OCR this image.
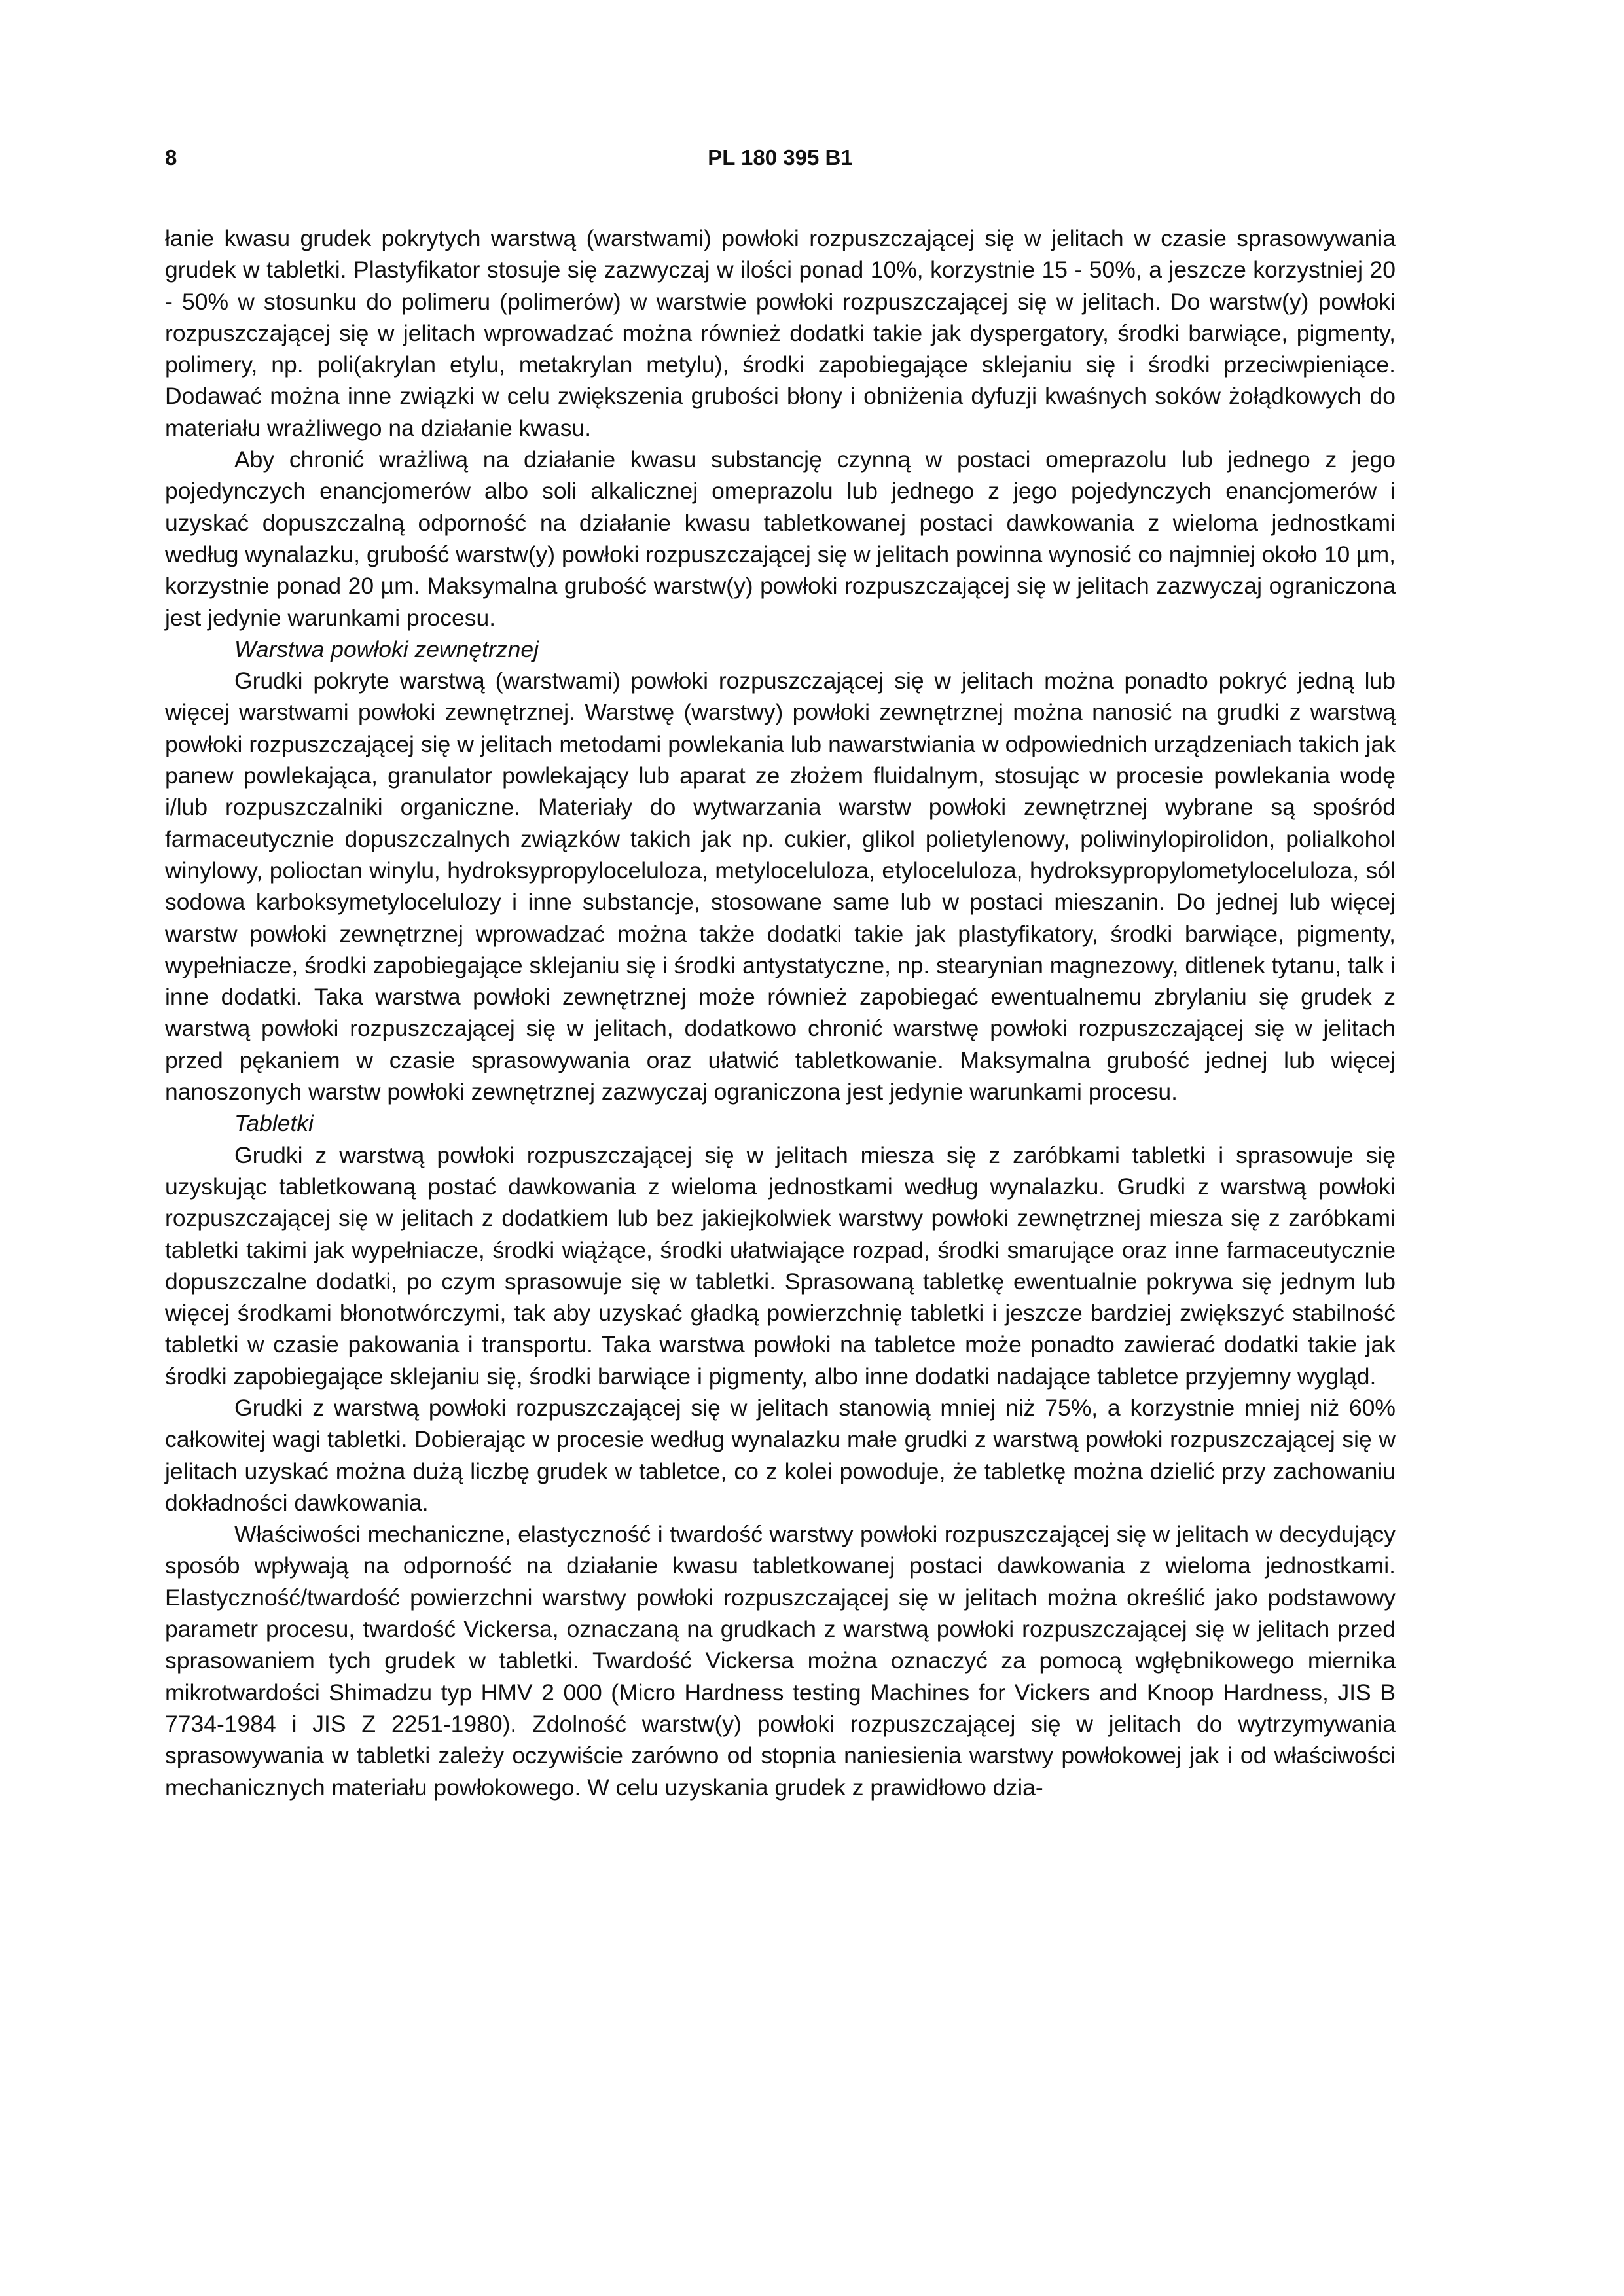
8	PL 180 395 B1

łanie kwasu grudek pokrytych warstwą (warstwami) powłoki rozpuszczającej się w jelitach w czasie sprasowywania grudek w tabletki. Plastyfikator stosuje się zazwyczaj w ilości ponad 10%, korzystnie 15 - 50%, a jeszcze korzystniej 20 - 50% w stosunku do polimeru (polimerów) w warstwie powłoki rozpuszczającej się w jelitach. Do warstw(y) powłoki rozpuszczającej się w jelitach wprowadzać można również dodatki takie jak dyspergatory, środki barwiące, pigmenty, polimery, np. poli(akrylan etylu, metakrylan metylu), środki zapobiegające sklejaniu się i środki przeciwpieniące. Dodawać można inne związki w celu zwiększenia grubości błony i obniżenia dyfuzji kwaśnych soków żołądkowych do materiału wrażliwego na działanie kwasu.

Aby chronić wrażliwą na działanie kwasu substancję czynną w postaci omeprazolu lub jednego z jego pojedynczych enancjomerów albo soli alkalicznej omeprazolu lub jednego z jego pojedynczych enancjomerów i uzyskać dopuszczalną odporność na działanie kwasu tabletkowanej postaci dawkowania z wieloma jednostkami według wynalazku, grubość warstw(y) powłoki rozpuszczającej się w jelitach powinna wynosić co najmniej około 10 µm, korzystnie ponad 20 µm. Maksymalna grubość warstw(y) powłoki rozpuszczającej się w jelitach zazwyczaj ograniczona jest jedynie warunkami procesu.

Warstwa powłoki zewnętrznej

Grudki pokryte warstwą (warstwami) powłoki rozpuszczającej się w jelitach można ponadto pokryć jedną lub więcej warstwami powłoki zewnętrznej. Warstwę (warstwy) powłoki zewnętrznej można nanosić na grudki z warstwą powłoki rozpuszczającej się w jelitach metodami powlekania lub nawarstwiania w odpowiednich urządzeniach takich jak panew powlekająca, granulator powlekający lub aparat ze złożem fluidalnym, stosując w procesie powlekania wodę i/lub rozpuszczalniki organiczne. Materiały do wytwarzania warstw powłoki zewnętrznej wybrane są spośród farmaceutycznie dopuszczalnych związków takich jak np. cukier, glikol polietylenowy, poliwinylopirolidon, polialkohol winylowy, polioctan winylu, hydroksypropyloceluloza, metyloceluloza, etyloceluloza, hydroksypropylometyloceluloza, sól sodowa karboksymetylocelulozy i inne substancje, stosowane same lub w postaci mieszanin. Do jednej lub więcej warstw powłoki zewnętrznej wprowadzać można także dodatki takie jak plastyfikatory, środki barwiące, pigmenty, wypełniacze, środki zapobiegające sklejaniu się i środki antystatyczne, np. stearynian magnezowy, ditlenek tytanu, talk i inne dodatki. Taka warstwa powłoki zewnętrznej może również zapobiegać ewentualnemu zbrylaniu się grudek z warstwą powłoki rozpuszczającej się w jelitach, dodatkowo chronić warstwę powłoki rozpuszczającej się w jelitach przed pękaniem w czasie sprasowywania oraz ułatwić tabletkowanie. Maksymalna grubość jednej lub więcej nanoszonych warstw powłoki zewnętrznej zazwyczaj ograniczona jest jedynie warunkami procesu.

Tabletki

Grudki z warstwą powłoki rozpuszczającej się w jelitach miesza się z zaróbkami tabletki i sprasowuje się uzyskując tabletkowaną postać dawkowania z wieloma jednostkami według wynalazku. Grudki z warstwą powłoki rozpuszczającej się w jelitach z dodatkiem lub bez jakiejkolwiek warstwy powłoki zewnętrznej miesza się z zaróbkami tabletki takimi jak wypełniacze, środki wiążące, środki ułatwiające rozpad, środki smarujące oraz inne farmaceutycznie dopuszczalne dodatki, po czym sprasowuje się w tabletki. Sprasowaną tabletkę ewentualnie pokrywa się jednym lub więcej środkami błonotwórczymi, tak aby uzyskać gładką powierzchnię tabletki i jeszcze bardziej zwiększyć stabilność tabletki w czasie pakowania i transportu. Taka warstwa powłoki na tabletce może ponadto zawierać dodatki takie jak środki zapobiegające sklejaniu się, środki barwiące i pigmenty, albo inne dodatki nadające tabletce przyjemny wygląd.

Grudki z warstwą powłoki rozpuszczającej się w jelitach stanowią mniej niż 75%, a korzystnie mniej niż 60% całkowitej wagi tabletki. Dobierając w procesie według wynalazku małe grudki z warstwą powłoki rozpuszczającej się w jelitach uzyskać można dużą liczbę grudek w tabletce, co z kolei powoduje, że tabletkę można dzielić przy zachowaniu dokładności dawkowania.

Właściwości mechaniczne, elastyczność i twardość warstwy powłoki rozpuszczającej się w jelitach w decydujący sposób wpływają na odporność na działanie kwasu tabletkowanej postaci dawkowania z wieloma jednostkami. Elastyczność/twardość powierzchni warstwy powłoki rozpuszczającej się w jelitach można określić jako podstawowy parametr procesu, twardość Vickersa, oznaczaną na grudkach z warstwą powłoki rozpuszczającej się w jelitach przed sprasowaniem tych grudek w tabletki. Twardość Vickersa można oznaczyć za pomocą wgłębnikowego miernika mikrotwardości Shimadzu typ HMV 2 000 (Micro Hardness testing Machines for Vickers and Knoop Hardness, JIS B 7734-1984 i JIS Z 2251-1980). Zdolność warstw(y) powłoki rozpuszczającej się w jelitach do wytrzymywania sprasowywania w tabletki zależy oczywiście zarówno od stopnia naniesienia warstwy powłokowej jak i od właściwości mechanicznych materiału powłokowego. W celu uzyskania grudek z prawidłowo dzia-
